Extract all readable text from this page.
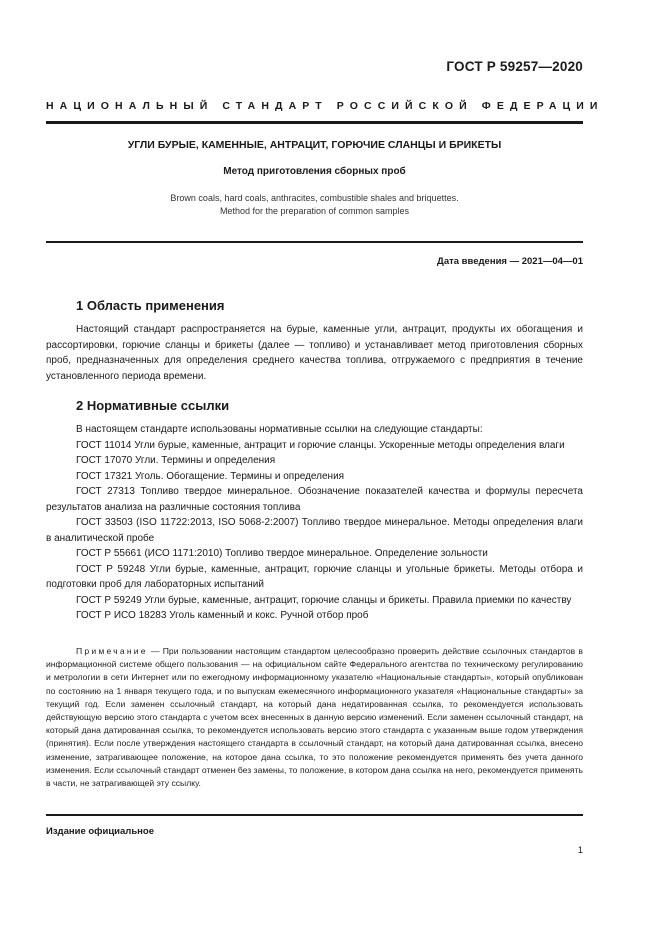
ГОСТ Р 59257—2020
НАЦИОНАЛЬНЫЙ СТАНДАРТ РОССИЙСКОЙ ФЕДЕРАЦИИ
УГЛИ БУРЫЕ, КАМЕННЫЕ, АНТРАЦИТ, ГОРЮЧИЕ СЛАНЦЫ И БРИКЕТЫ
Метод приготовления сборных проб
Brown coals, hard coals, anthracites, combustible shales and briquettes.
Method for the preparation of common samples
Дата введения — 2021—04—01
1 Область применения

Настоящий стандарт распространяется на бурые, каменные угли, антрацит, продукты их обогащения и рассортировки, горючие сланцы и брикеты (далее — топливо) и устанавливает метод приготовления сборных проб, предназначенных для определения среднего качества топлива, отгружаемого с предприятия в течение установленного периода времени.

2 Нормативные ссылки

В настоящем стандарте использованы нормативные ссылки на следующие стандарты:

ГОСТ 11014 Угли бурые, каменные, антрацит и горючие сланцы. Ускоренные методы определения влаги

ГОСТ 17070 Угли. Термины и определения

ГОСТ 17321 Уголь. Обогащение. Термины и определения

ГОСТ 27313 Топливо твердое минеральное. Обозначение показателей качества и формулы пересчета результатов анализа на различные состояния топлива

ГОСТ 33503 (ISO 11722:2013, ISO 5068-2:2007) Топливо твердое минеральное. Методы определения влаги в аналитической пробе

ГОСТ Р 55661 (ИСО 1171:2010) Топливо твердое минеральное. Определение зольности

ГОСТ Р 59248 Угли бурые, каменные, антрацит, горючие сланцы и угольные брикеты. Методы отбора и подготовки проб для лабораторных испытаний

ГОСТ Р 59249 Угли бурые, каменные, антрацит, горючие сланцы и брикеты. Правила приемки по качеству

ГОСТ Р ИСО 18283 Уголь каменный и кокс. Ручной отбор проб

Примечание — При пользовании настоящим стандартом целесообразно проверить действие ссылочных стандартов в информационной системе общего пользования — на официальном сайте Федерального агентства по техническому регулированию и метрологии в сети Интернет или по ежегодному информационному указателю «Национальные стандарты», который опубликован по состоянию на 1 января текущего года, и по выпускам ежемесячного информационного указателя «Национальные стандарты» за текущий год. Если заменен ссылочный стандарт, на который дана недатированная ссылка, то рекомендуется использовать действующую версию этого стандарта с учетом всех внесенных в данную версию изменений. Если заменен ссылочный стандарт, на который дана датированная ссылка, то рекомендуется использовать версию этого стандарта с указанным выше годом утверждения (принятия). Если после утверждения настоящего стандарта в ссылочный стандарт, на который дана датированная ссылка, внесено изменение, затрагивающее положение, на которое дана ссылка, то это положение рекомендуется применять без учета данного изменения. Если ссылочный стандарт отменен без замены, то положение, в котором дана ссылка на него, рекомендуется применять в части, не затрагивающей эту ссылку.
Издание официальное
1
